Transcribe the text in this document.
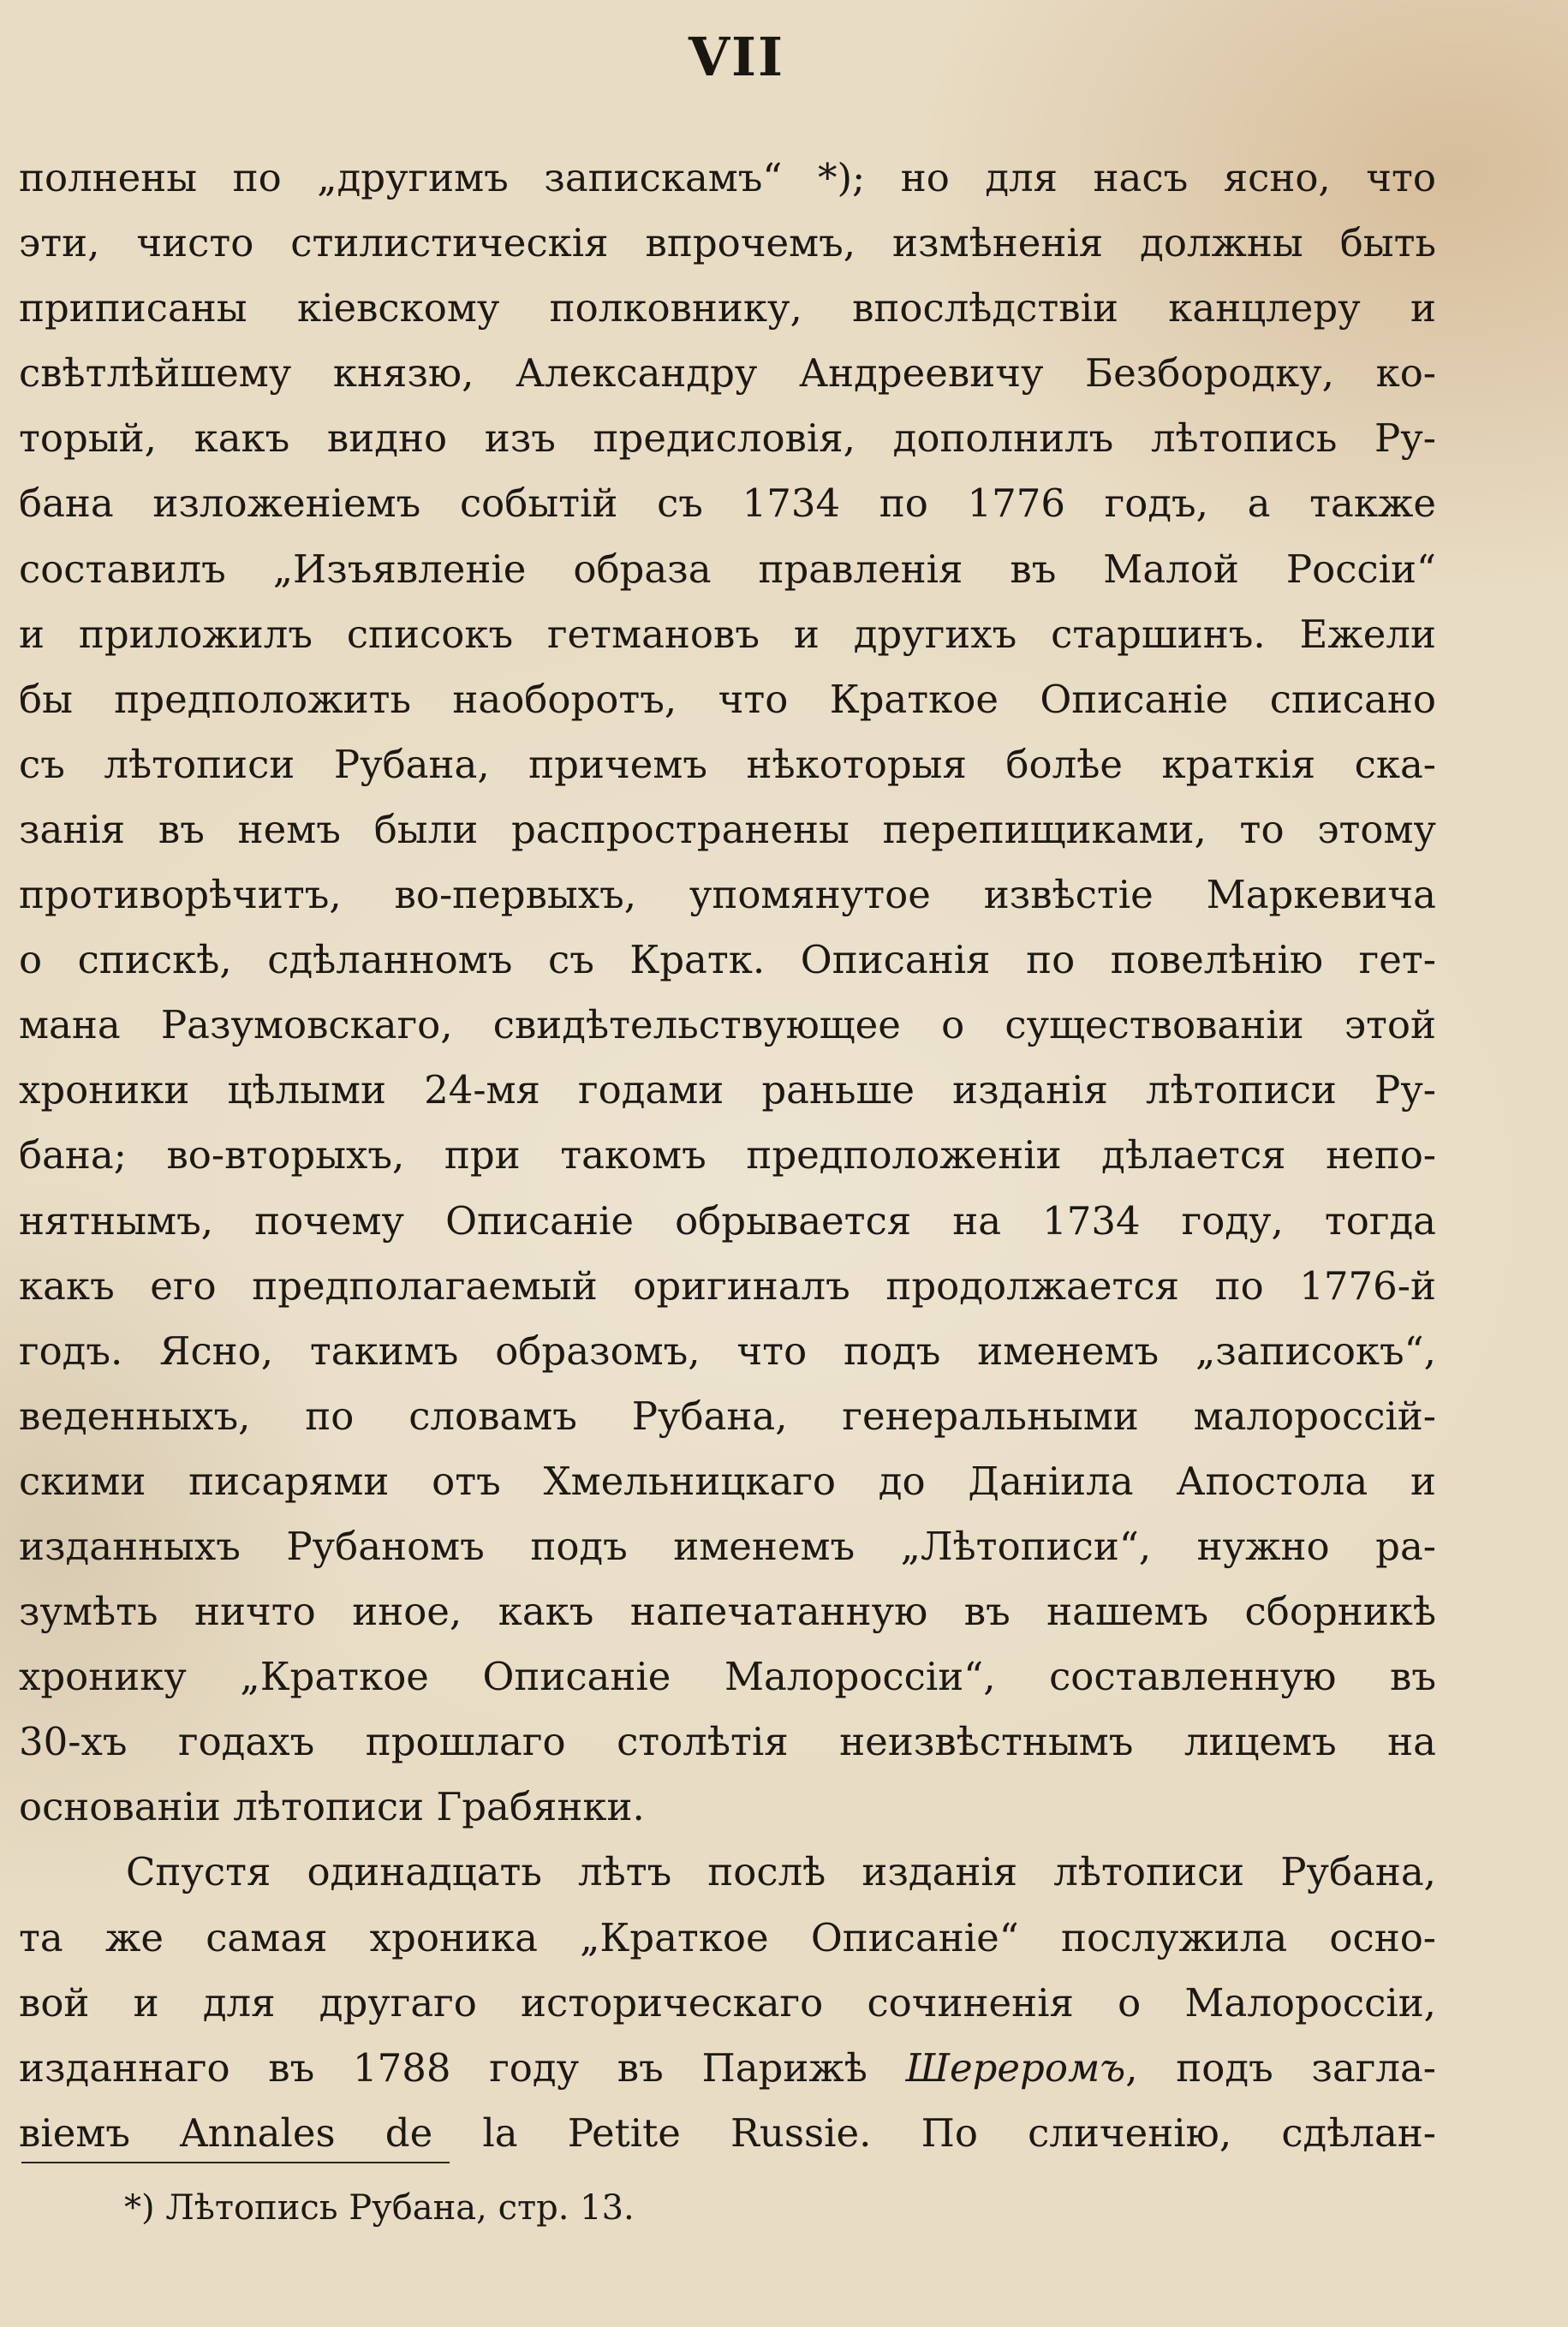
VII
полнены по „другимъ запискамъ“ *); но для насъ ясно, что
эти, чисто стилистическія впрочемъ, измѣненія должны быть
приписаны кіевскому полковнику, впослѣдствіи канцлеру и
свѣтлѣйшему князю, Александру Андреевичу Безбородку, ко-
торый, какъ видно изъ предисловія, дополнилъ лѣтопись Ру-
бана изложеніемъ событій съ 1734 по 1776 годъ, а также
составилъ „Изъявленіе образа правленія въ Малой Россіи“
и приложилъ списокъ гетмановъ и другихъ старшинъ. Ежели
бы предположить наоборотъ, что Краткое Описаніе списано
съ лѣтописи Рубана, причемъ нѣкоторыя болѣе краткія ска-
занія въ немъ были распространены перепищиками, то этому
противорѣчитъ, во-первыхъ, упомянутое извѣстіе Маркевича
о спискѣ, сдѣланномъ съ Кратк. Описанія по повелѣнію гет-
мана Разумовскаго, свидѣтельствующее о существованіи этой
хроники цѣлыми 24-мя годами раньше изданія лѣтописи Ру-
бана; во-вторыхъ, при такомъ предположеніи дѣлается непо-
нятнымъ, почему Описаніе обрывается на 1734 году, тогда
какъ его предполагаемый оригиналъ продолжается по 1776-й
годъ. Ясно, такимъ образомъ, что подъ именемъ „записокъ“,
веденныхъ, по словамъ Рубана, генеральными малороссій-
скими писарями отъ Хмельницкаго до Даніила Апостола и
изданныхъ Рубаномъ подъ именемъ „Лѣтописи“, нужно ра-
зумѣть ничто иное, какъ напечатанную въ нашемъ сборникѣ
хронику „Краткое Описаніе Малороссіи“, составленную въ
30-хъ годахъ прошлаго столѣтія неизвѣстнымъ лицемъ на
основаніи лѣтописи Грабянки.
Спустя одинадцать лѣтъ послѣ изданія лѣтописи Рубана,
та же самая хроника „Краткое Описаніе“ послужила осно-
вой и для другаго историческаго сочиненія о Малороссіи,
изданнаго въ 1788 году въ Парижѣ Шереромъ, подъ загла-
віемъ Annales de la Petite Russie. По сличенію, сдѣлан-
*) Лѣтопись Рубана, стр. 13.
